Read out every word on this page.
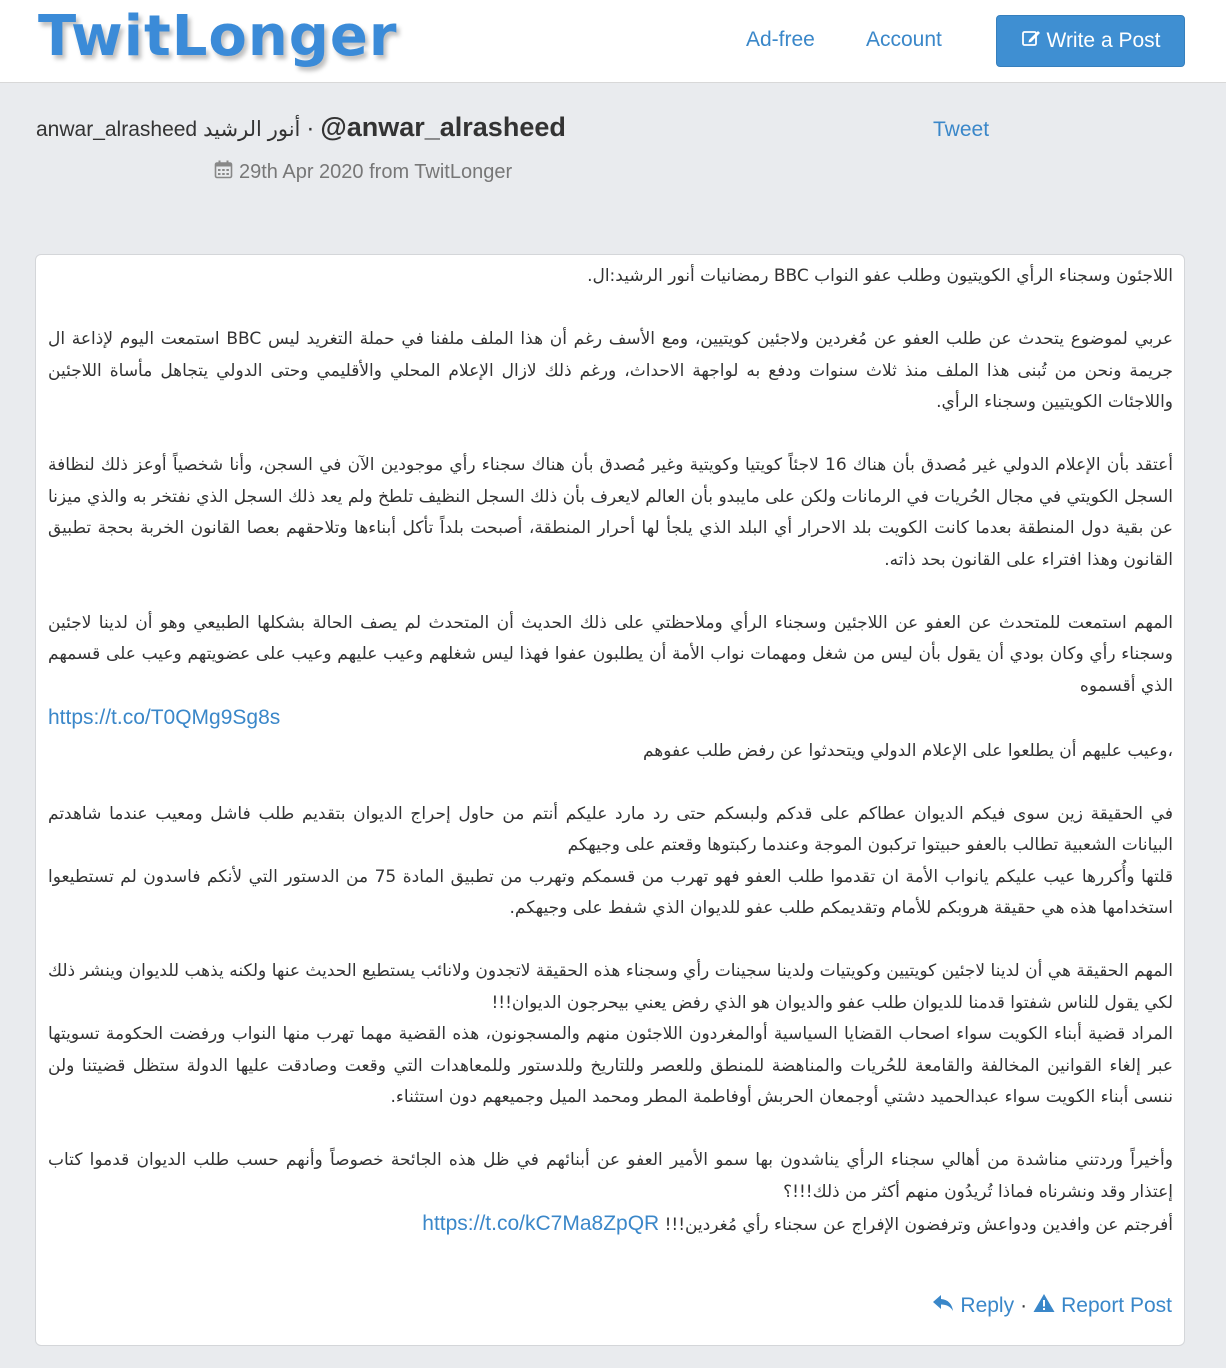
TwitLonger	Ad-free Account	Write a Post
anwar_alrasheed أنور الرشيد · @anwar_alrasheed	Tweet
29th Apr 2020 from TwitLonger

اللاجئون وسجناء الرأي الكويتيون وطلب عفو النواب BBC رمضانيات أنور الرشيد:ال.

عربي لموضوع يتحدث عن طلب العفو عن مُغردين ولاجئين كويتيين، ومع الأسف رغم أن هذا الملف ملفنا في حملة التغريد ليس BBC استمعت اليوم لإذاعة ال جريمة ونحن من تُبنى هذا الملف منذ ثلاث سنوات ودفع به لواجهة الاحداث، ورغم ذلك لازال الإعلام المحلي والأقليمي وحتى الدولي يتجاهل مأساة اللاجئين واللاجئات الكويتيين وسجناء الرأي.

أعتقد بأن الإعلام الدولي غير مُصدق بأن هناك 16 لاجئاً كويتيا وكويتية وغير مُصدق بأن هناك سجناء رأي موجودين الآن في السجن، وأنا شخصياً أوعز ذلك لنظافة السجل الكويتي في مجال الحُريات في الرمانات ولكن على مايبدو بأن العالم لايعرف بأن ذلك السجل النظيف تلطخ ولم يعد ذلك السجل الذي نفتخر به والذي ميزنا عن بقية دول المنطقة بعدما كانت الكويت بلد الاحرار أي البلد الذي يلجأ لها أحرار المنطقة، أصبحت بلداً تأكل أبناءها وتلاحقهم بعصا القانون الخربة بحجة تطبيق القانون وهذا افتراء على القانون بحد ذاته.

المهم استمعت للمتحدث عن العفو عن اللاجئين وسجناء الرأي وملاحظتي على ذلك الحديث أن المتحدث لم يصف الحالة بشكلها الطبيعي وهو أن لدينا لاجئين وسجناء رأي وكان بودي أن يقول بأن ليس من شغل ومهمات نواب الأمة أن يطلبون عفوا فهذا ليس شغلهم وعيب عليهم وعيب على عضويتهم وعيب على قسمهم الذي أقسموه
https://t.co/T0QMg9Sg8s
،وعيب عليهم أن يطلعوا على الإعلام الدولي ويتحدثوا عن رفض طلب عفوهم

في الحقيقة زين سوى فيكم الديوان عطاكم على قدكم ولبسكم حتى رد مارد عليكم أنتم من حاول إحراج الديوان بتقديم طلب فاشل ومعيب عندما شاهدتم البيانات الشعبية تطالب بالعفو حبيتوا تركبون الموجة وعندما ركبتوها وقعتم على وجيهكم
قلتها وأُكررها عيب عليكم يانواب الأمة ان تقدموا طلب العفو فهو تهرب من قسمكم وتهرب من تطبيق المادة 75 من الدستور التي لأنكم فاسدون لم تستطيعوا استخدامها هذه هي حقيقة هروبكم للأمام وتقديمكم طلب عفو للديوان الذي شفط على وجيهكم.

المهم الحقيقة هي أن لدينا لاجئين كويتيين وكويتيات ولدينا سجينات رأي وسجناء هذه الحقيقة لاتجدون ولانائب يستطيع الحديث عنها ولكنه يذهب للديوان وينشر ذلك لكي يقول للناس شفتوا قدمنا للديوان طلب عفو والديوان هو الذي رفض يعني بيحرجون الديوان!!!
المراد قضية أبناء الكويت سواء اصحاب القضايا السياسية أوالمغردون اللاجئون منهم والمسجونون، هذه القضية مهما تهرب منها النواب ورفضت الحكومة تسويتها عبر إلغاء القوانين المخالفة والقامعة للحُريات والمناهضة للمنطق وللعصر وللتاريخ وللدستور وللمعاهدات التي وقعت وصادقت عليها الدولة ستظل قضيتنا ولن ننسى أبناء الكويت سواء عبدالحميد دشتي أوجمعان الحربش أوفاطمة المطر ومحمد الميل وجميعهم دون استثناء.

وأخيراً وردتني مناشدة من أهالي سجناء الرأي يناشدون بها سمو الأمير العفو عن أبنائهم في ظل هذه الجائحة خصوصاً وأنهم حسب طلب الديوان قدموا كتاب إعتذار وقد ونشرناه فماذا تُريدُون منهم أكثر من ذلك!!!؟
أفرجتم عن وافدين ودواعش وترفضون الإفراج عن سجناء رأي مُغردين!!! https://t.co/kC7Ma8ZpQR

Reply · Report Post
